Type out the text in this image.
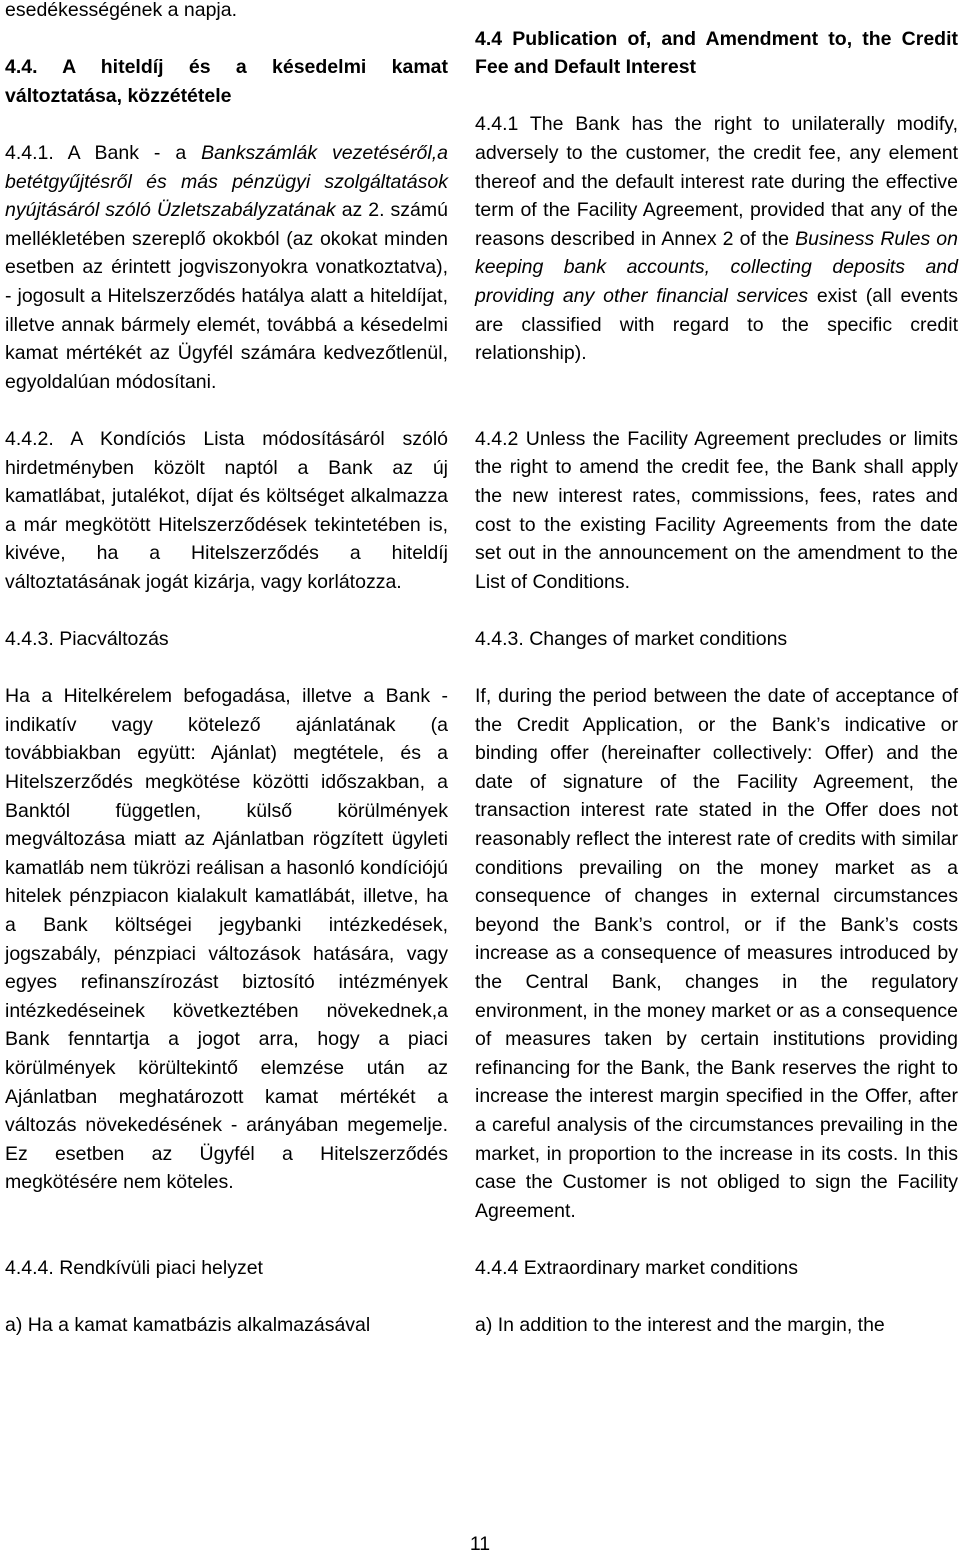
esedékességének a napja.

4.4. A hiteldíj és a késedelmi kamat változtatása, közzététele

4.4.1. A Bank - a Bankszámlák vezetéséről,a betétgyűjtésről és más pénzügyi szolgáltatások nyújtásáról szóló Üzletszabályzatának az 2. számú mellékletében szereplő okokból (az okokat minden esetben az érintett jogviszonyokra vonatkoztatva), - jogosult a Hitelszerződés hatálya alatt a hiteldíjat, illetve annak bármely elemét, továbbá a késedelmi kamat mértékét az Ügyfél számára kedvezőtlenül, egyoldalúan módosítani.

4.4.2. A Kondíciós Lista módosításáról szóló hirdetményben közölt naptól a Bank az új kamatlábat, jutalékot, díjat és költséget alkalmazza a már megkötött Hitelszerződések tekintetében is, kivéve, ha a Hitelszerződés a hiteldíj változtatásának jogát kizárja, vagy korlátozza.

4.4.3. Piacváltozás

Ha a Hitelkérelem befogadása, illetve a Bank - indikatív vagy kötelező ajánlatának (a továbbiakban együtt: Ajánlat) megtétele, és a Hitelszerződés megkötése közötti időszakban, a Banktól független, külső körülmények megváltozása miatt az Ajánlatban rögzített ügyleti kamatláb nem tükrözi reálisan a hasonló kondíciójú hitelek pénzpiacon kialakult kamatlábát, illetve, ha a Bank költségei jegybanki intézkedések, jogszabály, pénzpiaci változások hatására, vagy egyes refinanszírozást biztosító intézmények intézkedéseinek következtében növekednek,a Bank fenntartja a jogot arra, hogy a piaci körülmények körültekintő elemzése után az Ajánlatban meghatározott kamat mértékét a változás növekedésének - arányában megemelje. Ez esetben az Ügyfél a Hitelszerződés megkötésére nem köteles.

4.4.4. Rendkívüli piaci helyzet

a) Ha a kamat kamatbázis alkalmazásával

4.4 Publication of, and Amendment to, the Credit Fee and Default Interest

4.4.1 The Bank has the right to unilaterally modify, adversely to the customer, the credit fee, any element thereof and the default interest rate during the effective term of the Facility Agreement, provided that any of the reasons described in Annex 2 of the Business Rules on keeping bank accounts, collecting deposits and providing any other financial services exist (all events are classified with regard to the specific credit relationship).

4.4.2 Unless the Facility Agreement precludes or limits the right to amend the credit fee, the Bank shall apply the new interest rates, commissions, fees, rates and cost to the existing Facility Agreements from the date set out in the announcement on the amendment to the List of Conditions.

4.4.3. Changes of market conditions

If, during the period between the date of acceptance of the Credit Application, or the Bank’s indicative or binding offer (hereinafter collectively: Offer) and the date of signature of the Facility Agreement, the transaction interest rate stated in the Offer does not reasonably reflect the interest rate of credits with similar conditions prevailing on the money market as a consequence of changes in external circumstances beyond the Bank’s control, or if the Bank’s costs increase as a consequence of measures introduced by the Central Bank, changes in the regulatory environment, in the money market or as a consequence of measures taken by certain institutions providing refinancing for the Bank, the Bank reserves the right to increase the interest margin specified in the Offer, after a careful analysis of the circumstances prevailing in the market, in proportion to the increase in its costs. In this case the Customer is not obliged to sign the Facility Agreement.

4.4.4 Extraordinary market conditions

a) In addition to the interest and the margin, the

11
